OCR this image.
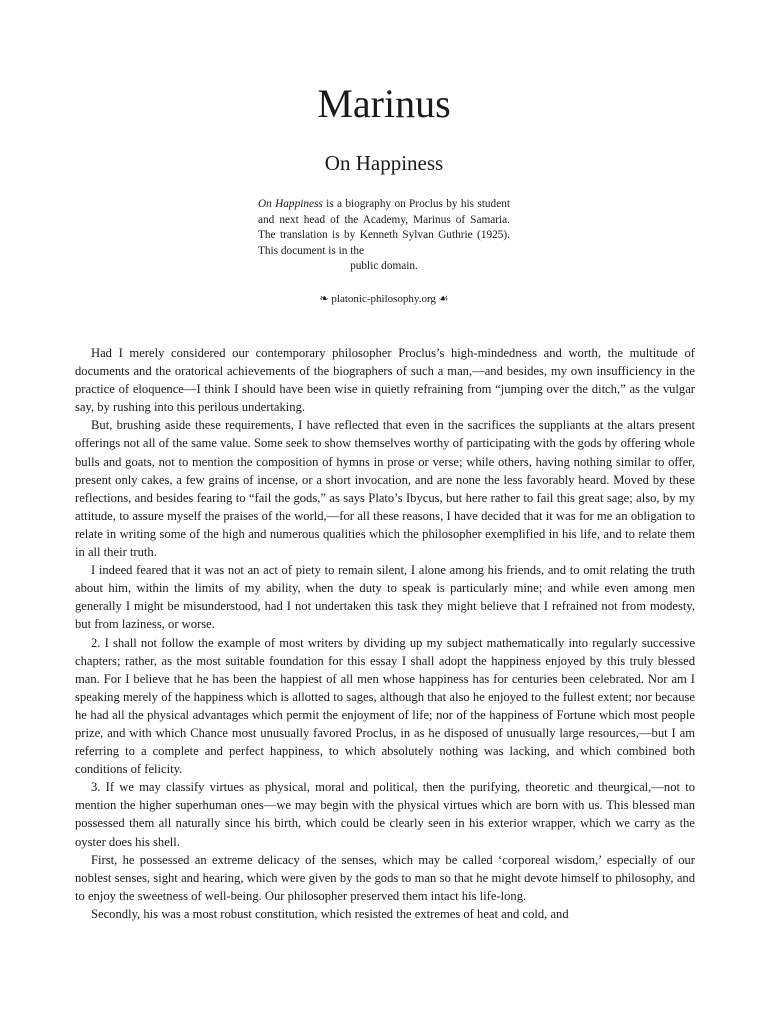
Marinus
On Happiness

On Happiness is a biography on Proclus by his student and next head of the Academy, Marinus of Samaria. The translation is by Kenneth Sylvan Guthrie (1925). This document is in the
public domain.

❧ platonic-philosophy.org ☙

Had I merely considered our contemporary philosopher Proclus’s high-mindedness and worth, the multitude of documents and the oratorical achievements of the biographers of such a man,—and besides, my own insufficiency in the practice of eloquence—I think I should have been wise in quietly refraining from “jumping over the ditch,” as the vulgar say, by rushing into this perilous undertaking.

But, brushing aside these requirements, I have reflected that even in the sacrifices the suppliants at the altars present offerings not all of the same value. Some seek to show themselves worthy of participating with the gods by offering whole bulls and goats, not to mention the composition of hymns in prose or verse; while others, having nothing similar to offer, present only cakes, a few grains of incense, or a short invocation, and are none the less favorably heard. Moved by these reflections, and besides fearing to “fail the gods,” as says Plato’s Ibycus, but here rather to fail this great sage; also, by my attitude, to assure myself the praises of the world,—for all these reasons, I have decided that it was for me an obligation to relate in writing some of the high and numerous qualities which the philosopher exemplified in his life, and to relate them in all their truth.

I indeed feared that it was not an act of piety to remain silent, I alone among his friends, and to omit relating the truth about him, within the limits of my ability, when the duty to speak is particularly mine; and while even among men generally I might be misunderstood, had I not undertaken this task they might believe that I refrained not from modesty, but from laziness, or worse.

2. I shall not follow the example of most writers by dividing up my subject mathematically into regularly successive chapters; rather, as the most suitable foundation for this essay I shall adopt the happiness enjoyed by this truly blessed man. For I believe that he has been the happiest of all men whose happiness has for centuries been celebrated. Nor am I speaking merely of the happiness which is allotted to sages, although that also he enjoyed to the fullest extent; nor because he had all the physical advantages which permit the enjoyment of life; nor of the happiness of Fortune which most people prize, and with which Chance most unusually favored Proclus, in as he disposed of unusually large resources,—but I am referring to a complete and perfect happiness, to which absolutely nothing was lacking, and which combined both conditions of felicity.

3. If we may classify virtues as physical, moral and political, then the purifying, theoretic and theurgical,—not to mention the higher superhuman ones—we may begin with the physical virtues which are born with us. This blessed man possessed them all naturally since his birth, which could be clearly seen in his exterior wrapper, which we carry as the oyster does his shell.

First, he possessed an extreme delicacy of the senses, which may be called ‘corporeal wisdom,’ especially of our noblest senses, sight and hearing, which were given by the gods to man so that he might devote himself to philosophy, and to enjoy the sweetness of well-being. Our philosopher preserved them intact his life-long.

Secondly, his was a most robust constitution, which resisted the extremes of heat and cold, and
